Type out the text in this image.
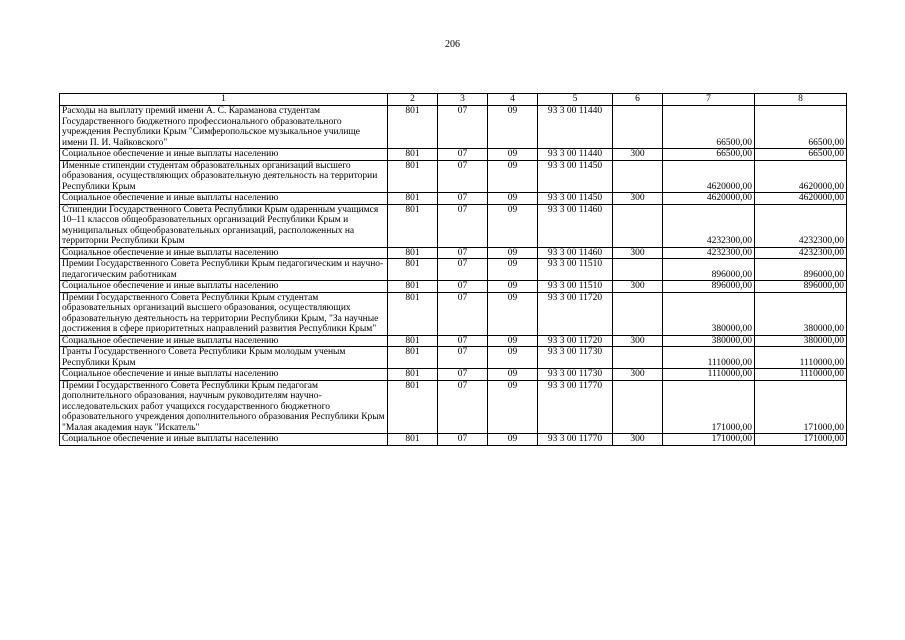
206
1	2	3	4	5	6	7	8
Расходы на выплату премий имени А. С. Караманова студентам Государственного бюджетного профессионального образовательного учреждения Республики Крым "Симферопольское музыкальное училище имени П. И. Чайковского"	801	07	09	93 3 00 11440		66500,00	66500,00
Социальное обеспечение и иные выплаты населению	801	07	09	93 3 00 11440	300	66500,00	66500,00
Именные стипендии студентам образовательных организаций высшего образования, осуществляющих образовательную деятельность на территории Республики Крым	801	07	09	93 3 00 11450		4620000,00	4620000,00
Социальное обеспечение и иные выплаты населению	801	07	09	93 3 00 11450	300	4620000,00	4620000,00
Стипендии Государственного Совета Республики Крым одаренным учащимся 10–11 классов общеобразовательных организаций Республики Крым и муниципальных общеобразовательных организаций, расположенных на территории Республики Крым	801	07	09	93 3 00 11460		4232300,00	4232300,00
Социальное обеспечение и иные выплаты населению	801	07	09	93 3 00 11460	300	4232300,00	4232300,00
Премии Государственного Совета Республики Крым педагогическим и научно-педагогическим работникам	801	07	09	93 3 00 11510		896000,00	896000,00
Социальное обеспечение и иные выплаты населению	801	07	09	93 3 00 11510	300	896000,00	896000,00
Премии Государственного Совета Республики Крым студентам образовательных организаций высшего образования, осуществляющих образовательную деятельность на территории Республики Крым, "За научные достижения в сфере приоритетных направлений развития Республики Крым"	801	07	09	93 3 00 11720		380000,00	380000,00
Социальное обеспечение и иные выплаты населению	801	07	09	93 3 00 11720	300	380000,00	380000,00
Гранты Государственного Совета Республики Крым молодым ученым Республики Крым	801	07	09	93 3 00 11730		1110000,00	1110000,00
Социальное обеспечение и иные выплаты населению	801	07	09	93 3 00 11730	300	1110000,00	1110000,00
Премии Государственного Совета Республики Крым педагогам дополнительного образования, научным руководителям научно-исследовательских работ учащихся государственного бюджетного образовательного учреждения дополнительного образования Республики Крым "Малая академия наук "Искатель"	801	07	09	93 3 00 11770		171000,00	171000,00
Социальное обеспечение и иные выплаты населению	801	07	09	93 3 00 11770	300	171000,00	171000,00
